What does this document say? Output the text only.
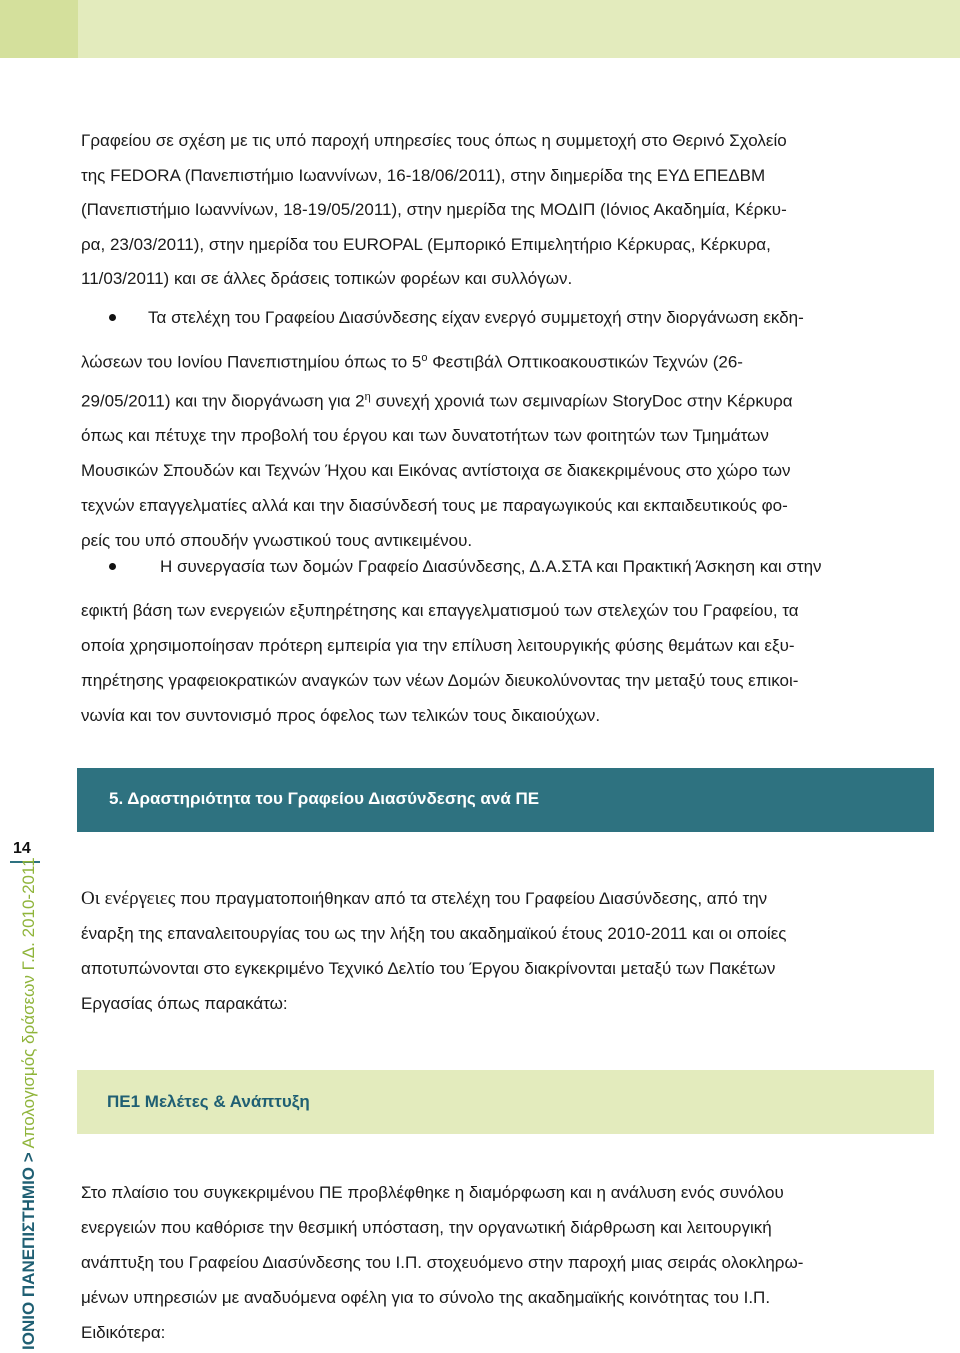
Γραφείου σε σχέση με τις υπό παροχή υπηρεσίες τους όπως η συμμετοχή στο Θερινό Σχολείο

της FEDORA (Πανεπιστήμιο Ιωαννίνων, 16-18/06/2011), στην διημερίδα της ΕΥΔ ΕΠΕΔΒΜ

(Πανεπιστήμιο Ιωαννίνων, 18-19/05/2011), στην ημερίδα της ΜΟΔΙΠ (Ιόνιος Ακαδημία, Κέρκυ-

ρα, 23/03/2011), στην ημερίδα του EUROPAL (Εμπορικό Επιμελητήριο Κέρκυρας, Κέρκυρα,

11/03/2011) και σε άλλες δράσεις τοπικών φορέων και συλλόγων.

Τα στελέχη του Γραφείου Διασύνδεσης είχαν ενεργό συμμετοχή στην διοργάνωση εκδη-

λώσεων του Ιονίου Πανεπιστημίου όπως το $5^o$ Φεστιβάλ Οπτικοακουστικών Τεχνών (26-

29/05/2011) και την διοργάνωση για $2^\eta$ συνεχή χρονιά των σεμιναρίων StoryDoc στην Κέρκυρα

όπως και πέτυχε την προβολή του έργου και των δυνατοτήτων των φοιτητών των Τμημάτων

Μουσικών Σπουδών και Τεχνών Ήχου και Εικόνας αντίστοιχα σε διακεκριμένους στο χώρο των

τεχνών επαγγελματίες αλλά και την διασύνδεσή τους με παραγωγικούς και εκπαιδευτικούς φο-

ρείς του υπό σπουδήν γνωστικού τους αντικειμένου.

Η συνεργασία των δομών Γραφείο Διασύνδεσης, Δ.Α.ΣΤΑ και Πρακτική Άσκηση και στην

εφικτή βάση των ενεργειών εξυπηρέτησης και επαγγελματισμού των στελεχών του Γραφείου, τα

οποία χρησιμοποίησαν πρότερη εμπειρία για την επίλυση λειτουργικής φύσης θεμάτων και εξυ-

πηρέτησης γραφειοκρατικών αναγκών των νέων Δομών διευκολύνοντας την μεταξύ τους επικοι-

νωνία και τον συντονισμό προς όφελος των τελικών τους δικαιούχων.

5. Δραστηριότητα του Γραφείου Διασύνδεσης ανά ΠΕ

Οι ενέργειες που πραγματοποιήθηκαν από τα στελέχη του Γραφείου Διασύνδεσης, από την

έναρξη της επαναλειτουργίας του ως την λήξη του ακαδημαϊκού έτους 2010-2011 και οι οποίες

αποτυπώνονται στο εγκεκριμένο Τεχνικό Δελτίο του Έργου διακρίνονται μεταξύ των Πακέτων

Εργασίας όπως παρακάτω:

ΠΕ1 Μελέτες & Ανάπτυξη

Στο πλαίσιο του συγκεκριμένου ΠΕ προβλέφθηκε η διαμόρφωση και η ανάλυση ενός συνόλου

ενεργειών που καθόρισε την θεσμική υπόσταση, την οργανωτική διάρθρωση και λειτουργική

ανάπτυξη του Γραφείου Διασύνδεσης του Ι.Π. στοχευόμενο στην παροχή μιας σειράς ολοκληρω-

μένων υπηρεσιών με αναδυόμενα οφέλη για το σύνολο της ακαδημαϊκής κοινότητας του Ι.Π.

Ειδικότερα:

14
ΙΟΝΙΟ ΠΑΝΕΠΙΣΤΗΜΙΟ > Απολογισμός δράσεων Γ.Δ. 2010-2011
